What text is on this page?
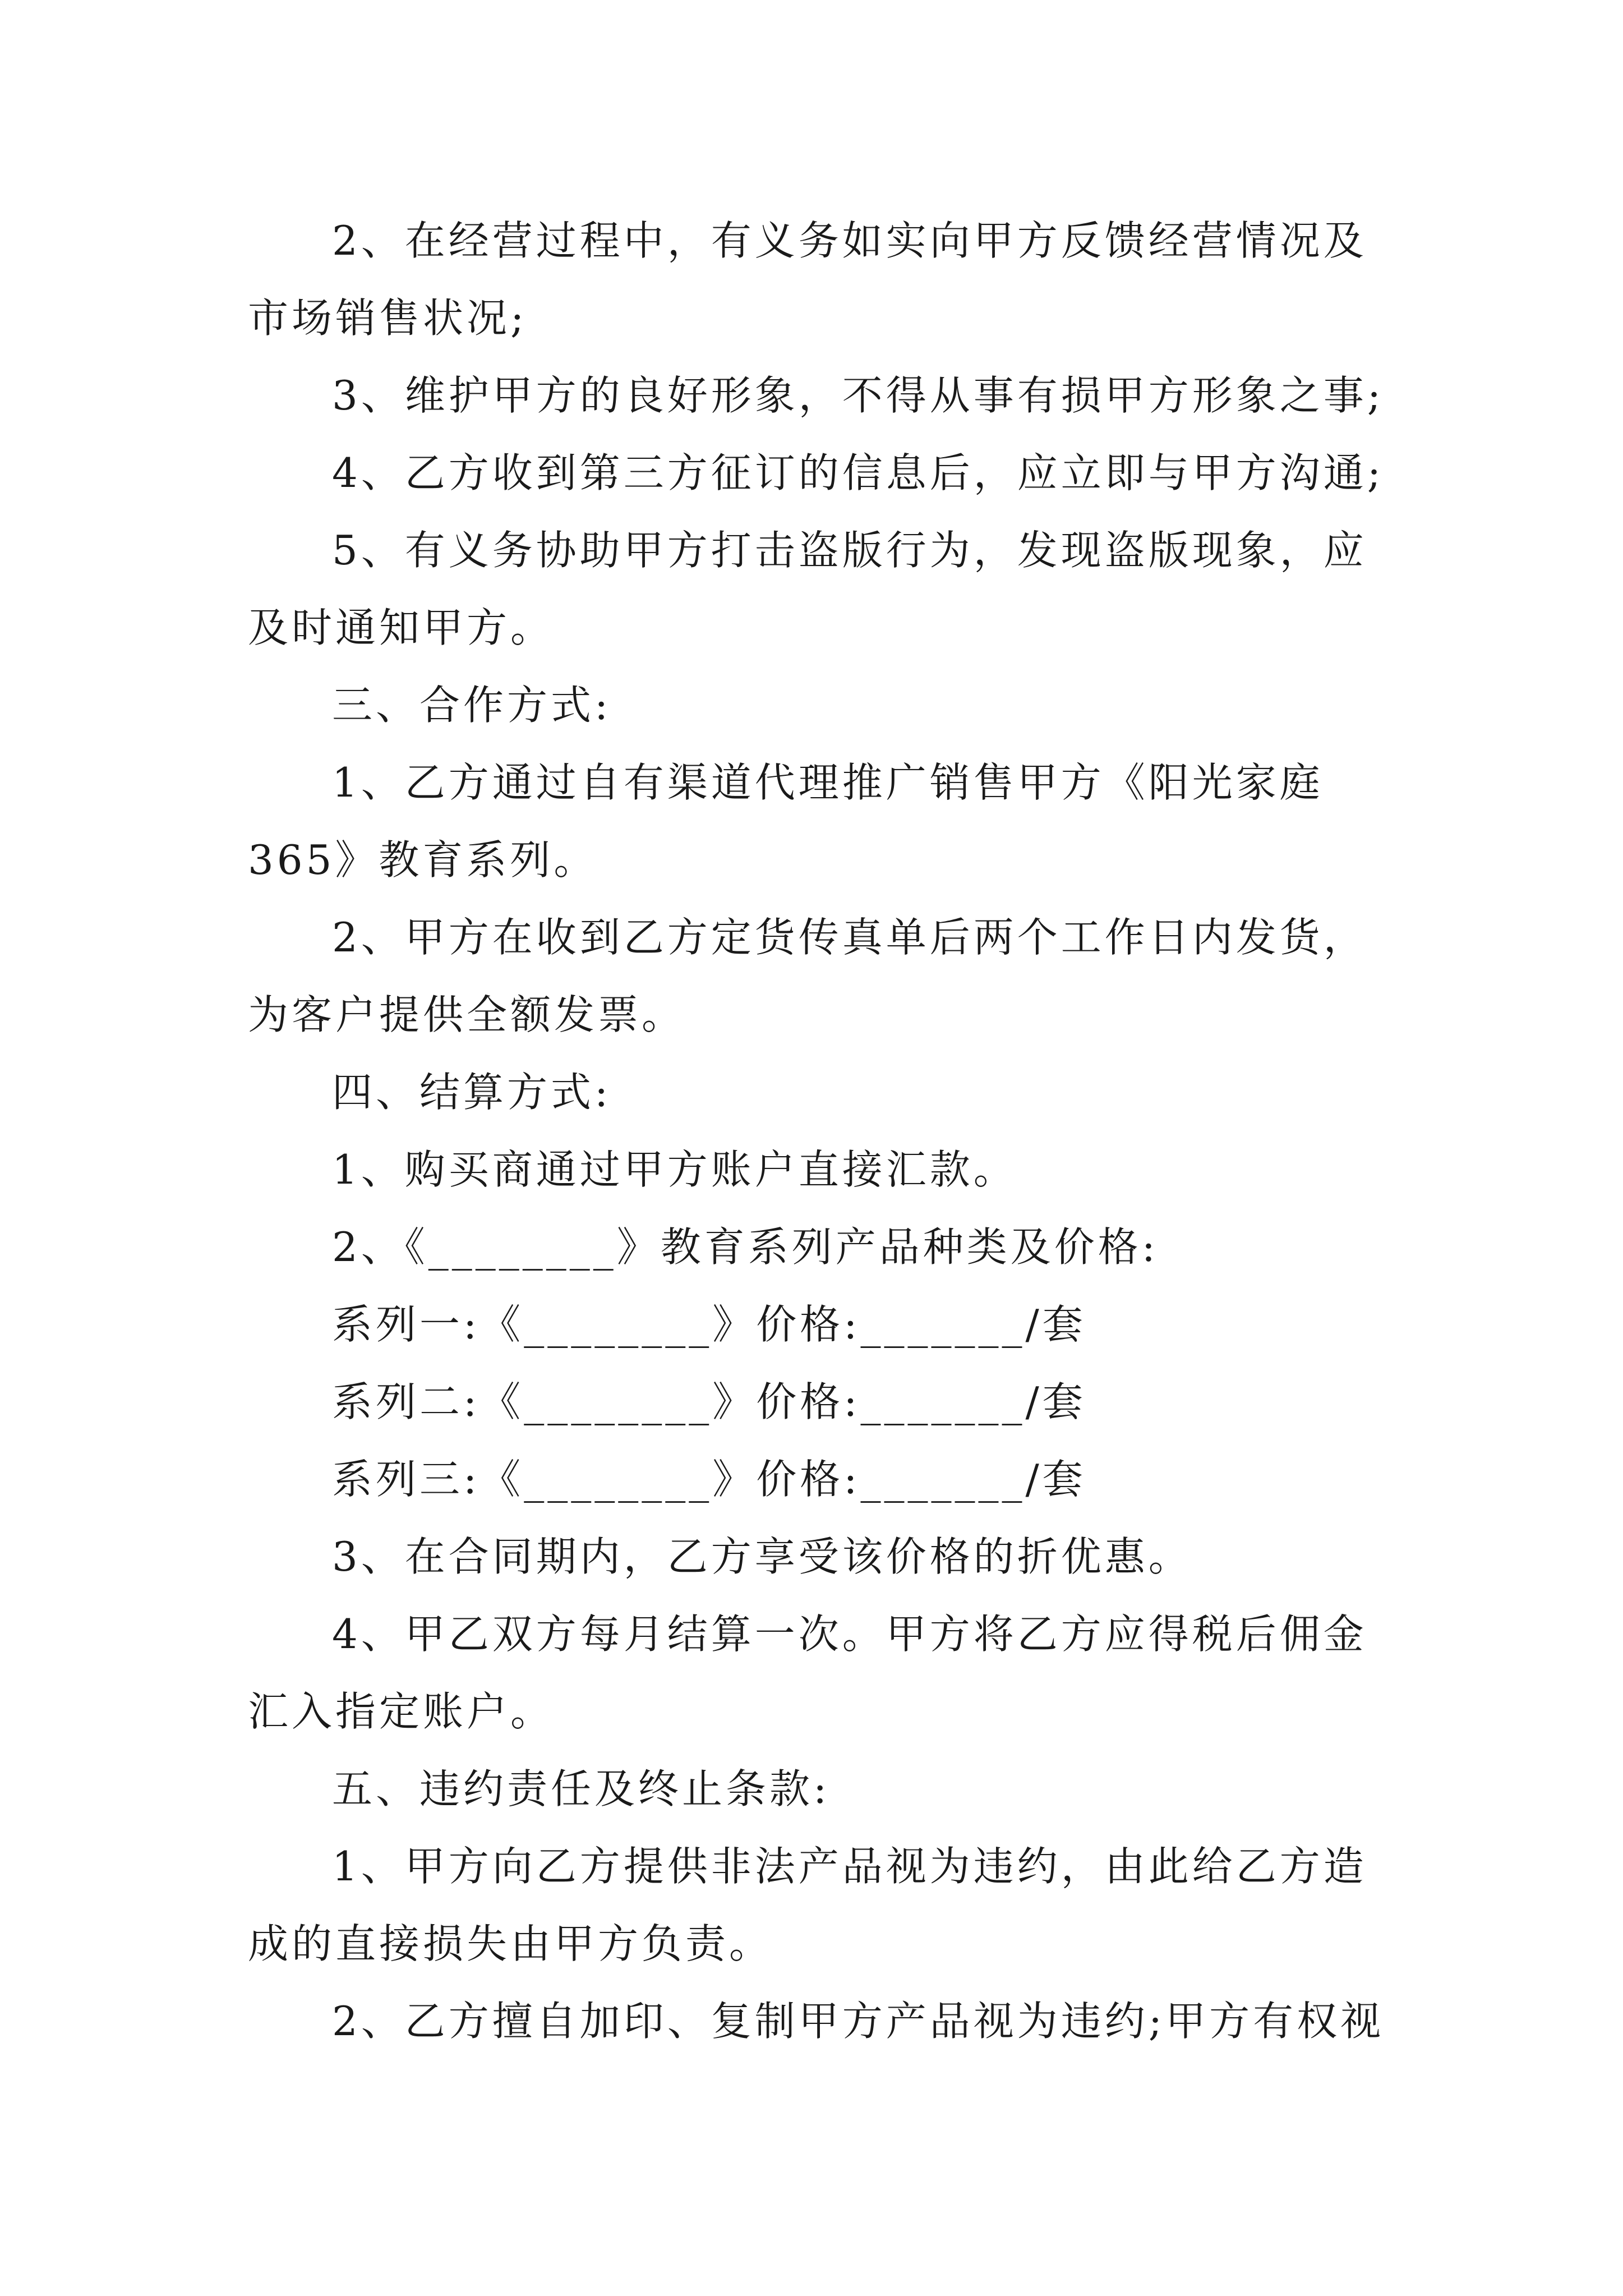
2、在经营过程中，有义务如实向甲方反馈经营情况及
市场销售状况;
3、维护甲方的良好形象，不得从事有损甲方形象之事;
4、乙方收到第三方征订的信息后，应立即与甲方沟通;
5、有义务协助甲方打击盗版行为，发现盗版现象，应
及时通知甲方。
三、合作方式:
1、乙方通过自有渠道代理推广销售甲方《阳光家庭
365》教育系列。
2、甲方在收到乙方定货传真单后两个工作日内发货，
为客户提供全额发票。
四、结算方式:
1、购买商通过甲方账户直接汇款。
2、《________》教育系列产品种类及价格:
系列一:《________》价格:_______/套
系列二:《________》价格:_______/套
系列三:《________》价格:_______/套
3、在合同期内，乙方享受该价格的折优惠。
4、甲乙双方每月结算一次。甲方将乙方应得税后佣金
汇入指定账户。
五、违约责任及终止条款:
1、甲方向乙方提供非法产品视为违约，由此给乙方造
成的直接损失由甲方负责。
2、乙方擅自加印、复制甲方产品视为违约;甲方有权视
